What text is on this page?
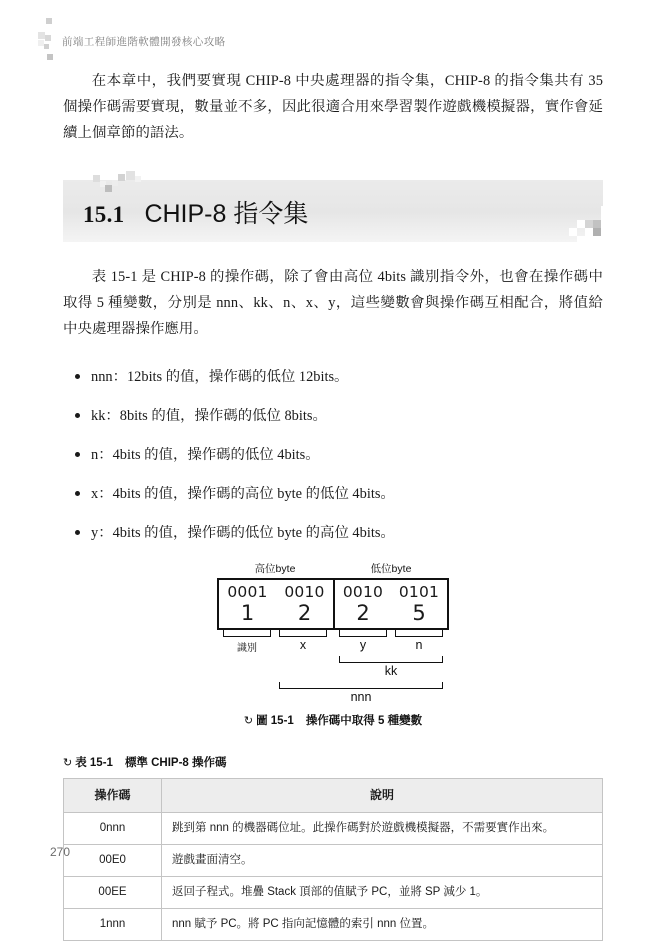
前端工程師進階軟體開發核心攻略

在本章中，我們要實現 CHIP-8 中央處理器的指令集，CHIP-8 的指令集共有 35 個操作碼需要實現，數量並不多，因此很適合用來學習製作遊戲機模擬器，實作會延續上個章節的語法。

15.1 CHIP-8 指令集

表 15-1 是 CHIP-8 的操作碼，除了會由高位 4bits 識別指令外，也會在操作碼中取得 5 種變數，分別是 nnn、kk、n、x、y，這些變數會與操作碼互相配合，將值給中央處理器操作應用。

nnn：12bits 的值，操作碼的低位 12bits。
kk：8bits 的值，操作碼的低位 8bits。
n：4bits 的值，操作碼的低位 4bits。
x：4bits 的值，操作碼的高位 byte 的低位 4bits。
y：4bits 的值，操作碼的低位 byte 的高位 4bits。
高位byte	低位byte
0001	0010
1	2
0010	0101
2	5
識別	x	y	n
kk
nnn
↻ 圖 15-1 操作碼中取得 5 種變數
↻ 表 15-1 標準 CHIP-8 操作碼
操作碼	說明
0nnn	跳到第 nnn 的機器碼位址。此操作碼對於遊戲機模擬器，不需要實作出來。
00E0	遊戲畫面清空。
00EE	返回子程式。堆疊 Stack 頂部的值賦予 PC，並將 SP 減少 1。
1nnn	nnn 賦予 PC。將 PC 指向記憶體的索引 nnn 位置。
270
